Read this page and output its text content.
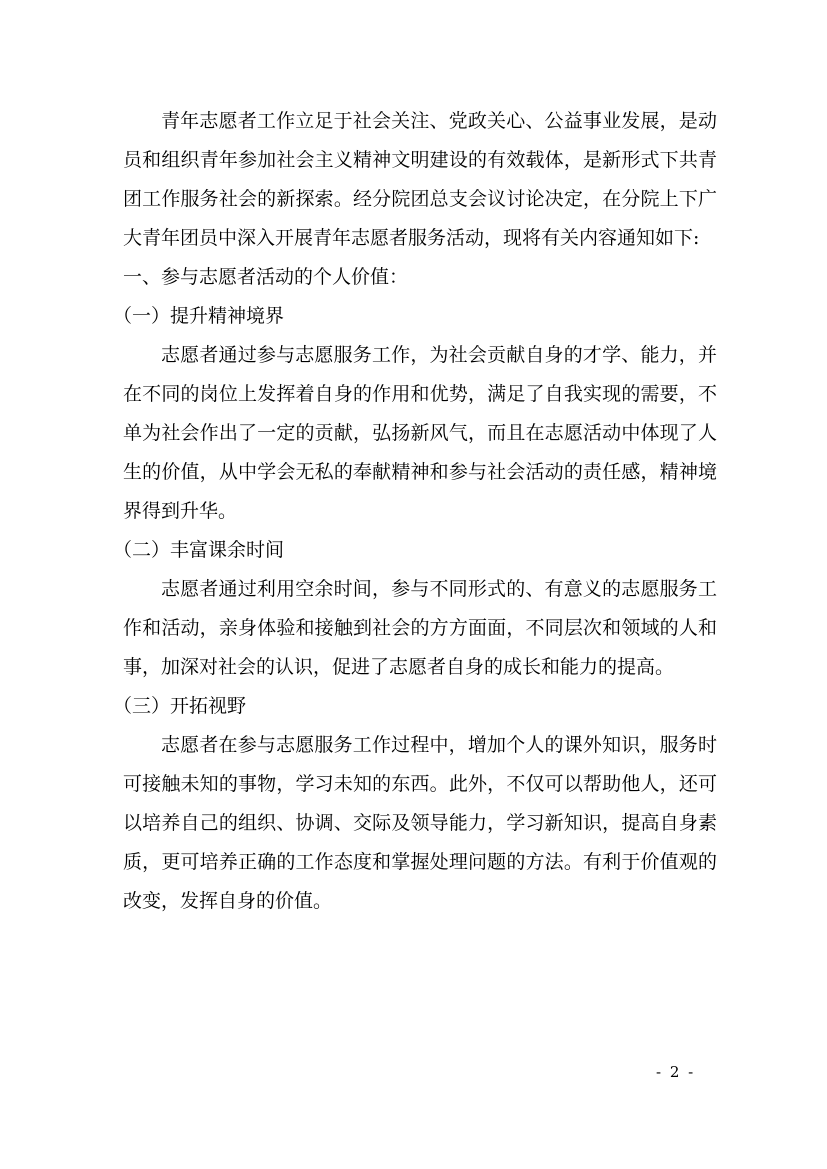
青年志愿者工作立足于社会关注、党政关心、公益事业发展，是动员和组织青年参加社会主义精神文明建设的有效载体，是新形式下共青团工作服务社会的新探索。经分院团总支会议讨论决定，在分院上下广大青年团员中深入开展青年志愿者服务活动，现将有关内容通知如下:

一、参与志愿者活动的个人价值：

（一）提升精神境界

志愿者通过参与志愿服务工作，为社会贡献自身的才学、能力，并在不同的岗位上发挥着自身的作用和优势，满足了自我实现的需要，不单为社会作出了一定的贡献，弘扬新风气，而且在志愿活动中体现了人生的价值，从中学会无私的奉献精神和参与社会活动的责任感，精神境界得到升华。

（二）丰富课余时间

志愿者通过利用空余时间，参与不同形式的、有意义的志愿服务工作和活动，亲身体验和接触到社会的方方面面，不同层次和领域的人和事，加深对社会的认识，促进了志愿者自身的成长和能力的提高。

（三）开拓视野

志愿者在参与志愿服务工作过程中，增加个人的课外知识，服务时可接触未知的事物，学习未知的东西。此外，不仅可以帮助他人，还可以培养自己的组织、协调、交际及领导能力，学习新知识，提高自身素质，更可培养正确的工作态度和掌握处理问题的方法。有利于价值观的改变，发挥自身的价值。

- 2 -
